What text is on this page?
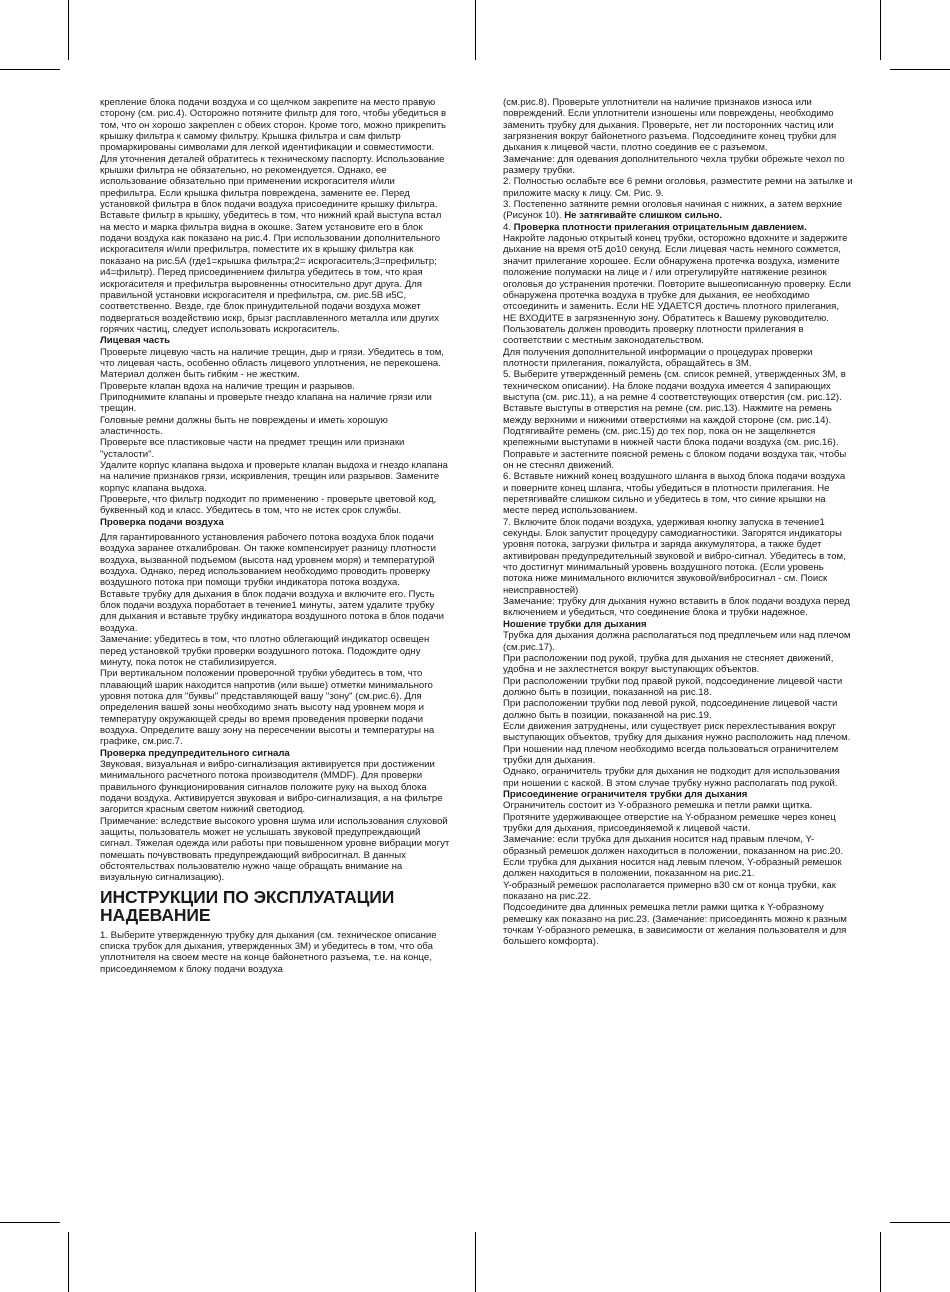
крепление блока подачи воздуха и со щелчком закрепите на место правую сторону (см. рис.4). Осторожно потяните фильтр для того, чтобы убедиться в том, что он хорошо закреплен с обеих сторон. Кроме того, можно прикрепить крышку фильтра к самому фильтру. Крышка фильтра и сам фильтр промаркированы символами для легкой идентификации и совместимости. Для уточнения деталей обратитесь к техническому паспорту. Использование крышки фильтра не обязательно, но рекомендуется. Однако, ее использование обязательно при применении искрогасителя и/или префильтра. Если крышка фильтра повреждена, замените ее. Перед установкой фильтра в блок подачи воздуха присоедините крышку фильтра. Вставьте фильтр в крышку, убедитесь в том, что нижний край выступа встал на место и марка фильтра видна в окошке. Затем установите его в блок подачи воздуха как показано на рис.4. При использовании дополнительного искрогасителя и/или префильтра, поместите их в крышку фильтра как показано на рис.5А (где1=крышка фильтра;2= искрогаситель;3=префильтр; и4=фильтр). Перед присоединением фильтра убедитесь в том, что края искрогасителя и префильтра выровненны относительно друг друга. Для правильной установки искрогасителя и префильтра, см. рис.5В и5С, соответственно. Везде, где блок принудительной подачи воздуха может подвергаться воздействию искр, брызг расплавленного металла или других горячих частиц, следует использовать искрогаситель.
Лицевая часть
Проверьте лицевую часть на наличие трещин, дыр и грязи. Убедитесь в том, что лицевая часть, особенно область лицевого уплотнения, не перекошена. Материал должен быть гибким - не жестким.
Проверьте клапан вдоха на наличие трещин и разрывов.
Приподнимите клапаны и проверьте гнездо клапана на наличие грязи или трещин.
Головные ремни должны быть не повреждены и иметь хорошую эластичность.
Проверьте все пластиковые части на предмет трещин или признаки "усталости".
Удалите корпус клапана выдоха и проверьте клапан выдоха и гнездо клапана на наличие признаков грязи, искривления, трещин или разрывов. Замените корпус клапана выдоха.
Проверьте, что фильтр подходит по применению - проверьте цветовой код, буквенный код и класс. Убедитесь в том, что не истек срок службы.
Проверка подачи воздуха
Для гарантированного установления рабочего потока воздуха блок подачи воздуха заранее откалиброван. Он также компенсирует разницу плотности воздуха, вызванной подъемом (высота над уровнем моря) и температурой воздуха. Однако, перед использованием необходимо проводить проверку воздушного потока при помощи трубки индикатора потока воздуха.
Вставьте трубку для дыхания в блок подачи воздуха и включите его. Пусть блок подачи воздуха поработает в течение1 минуты, затем удалите трубку для дыхания и вставьте трубку индикатора воздушного потока в блок подачи воздуха.
Замечание: убедитесь в том, что плотно облегающий индикатор освещен перед установкой трубки проверки воздушного потока. Подождите одну минуту, пока поток не стабилизируется.
При вертикальном положении проверочной трубки убедитесь в том, что плавающий шарик находится напротив (или выше) отметки минимального уровня потока для "буквы" представляющей вашу "зону" (см.рис.6). Для определения вашей зоны необходимо знать высоту над уровнем моря и температуру окружающей среды во время проведения проверки подачи воздуха. Определите вашу зону на пересечении высоты и температуры на графике, см.рис.7.
Проверка предупредительного сигнала
Звуковая, визуальная и вибро-сигнализация активируется при достижении минимального расчетного потока производителя (MMDF). Для проверки правильного функционирования сигналов положите руку на выход блока подачи воздуха. Активируется звуковая и вибро-сигнализация, а на фильтре загорится красным светом нижний светодиод.
Примечание: вследствие высокого уровня шума или использования слуховой защиты, пользователь может не услышать звуковой предупреждающий сигнал. Тяжелая одежда или работы при повышенном уровне вибрации могут помешать почувствовать предупреждающий вибросигнал. В данных обстоятельствах пользователю нужно чаще обращать внимание на визуальную сигнализацию).
ИНСТРУКЦИИ ПО ЭКСПЛУАТАЦИИ НАДЕВАНИЕ
1. Выберите утвержденную трубку для дыхания (см. техническое описание списка трубок для дыхания, утвержденных 3М) и убедитесь в том, что оба уплотнителя на своем месте на конце байонетного разъема, т.е. на конце, присоединяемом к блоку подачи воздуха
(см.рис.8). Проверьте уплотнители на наличие признаков износа или повреждений. Если уплотнители изношены или повреждены, необходимо заменить трубку для дыхания. Проверьте, нет ли посторонних частиц или загрязнения вокруг байонетного разъема. Подсоедините конец трубки для дыхания к лицевой части, плотно соединив ее с разъемом.
Замечание: для одевания дополнительного чехла трубки обрежьте чехол по размеру трубки.
2. Полностью ослабьте все 6 ремни оголовья, разместите ремни на затылке и приложите маску к лицу. См. Рис. 9.
3. Постепенно затяните ремни оголовья начиная с нижних, а затем верхние (Рисунок 10). Не затягивайте слишком сильно.
4. Проверка плотности прилегания отрицательным давлением.
Накройте ладонью открытый конец трубки, осторожно вдохните и задержите дыхание на время от5 до10 секунд. Если лицевая часть немного сожмется, значит прилегание хорошее. Если обнаружена протечка воздуха, измените положение полумаски на лице и / или отрегулируйте натяжение резинок оголовья до устранения протечки. Повторите вышеописанную проверку. Если обнаружена протечка воздуха в трубке для дыхания, ее необходимо отсоединить и заменить. Если НЕ УДАЕТСЯ достичь плотного прилегания, НЕ ВХОДИТЕ в загрязненную зону. Обратитесь к Вашему руководителю. Пользователь должен проводить проверку плотности прилегания в соответствии с местным законодательством.
Для получения дополнительной информации о процедурах проверки плотности прилегания, пожалуйста, обращайтесь в 3М.
5. Выберите утвержденный ремень (см. список ремней, утвержденных 3М, в техническом описании). На блоке подачи воздуха имеется 4 запирающих выступа (см. рис.11), а на ремне 4 соответствующих отверстия (см. рис.12). Вставьте выступы в отверстия на ремне (см. рис.13). Нажмите на ремень между верхними и нижними отверстиями на каждой стороне (см. рис.14). Подтягивайте ремень (см. рис.15) до тех пор, пока он не защелкнется крепежными выступами в нижней части блока подачи воздуха (см. рис.16). Поправьте и застегните поясной ремень с блоком подачи воздуха так, чтобы он не стеснял движений.
6. Вставьте нижний конец воздушного шланга в выход блока подачи воздуха и поверните конец шланга, чтобы убедиться в плотности прилегания. Не перетягивайте слишком сильно и убедитесь в том, что синие крышки на месте перед использованием.
7. Включите блок подачи воздуха, удерживая кнопку запуска в течение1 секунды. Блок запустит процедуру самодиагностики. Загорятся индикаторы уровня потока, загрузки фильтра и заряда аккумулятора, а также будет активирован предупредительный звуковой и вибро-сигнал. Убедитесь в том, что достигнут минимальный уровень воздушного потока. (Если уровень потока ниже минимального включится звуковой/вибросигнал - см. Поиск неисправностей)
Замечание: трубку для дыхания нужно вставить в блок подачи воздуха перед включением и убедиться, что соединение блока и трубки надежное.
Ношение трубки для дыхания
Трубка для дыхания должна располагаться под предплечьем или над плечом (см.рис.17).
При расположении под рукой, трубка для дыхания не стесняет движений, удобна и не захлестнется вокруг выступающих объектов.
При расположении трубки под правой рукой, подсоединение лицевой части должно быть в позиции, показанной на рис.18.
При расположении трубки под левой рукой, подсоединение лицевой части должно быть в позиции, показанной на рис.19.
Если движения затруднены, или существует риск перехлестывания вокруг выступающих объектов, трубку для дыхания нужно расположить над плечом.
При ношении над плечом необходимо всегда пользоваться ограничителем трубки для дыхания.
Однако, ограничитель трубки для дыхания не подходит для использования при ношении с каской. В этом случае трубку нужно располагать под рукой.
Присоединение ограничителя трубки для дыхания
Ограничитель состоит из Y-образного ремешка и петли рамки щитка. Протяните удерживающее отверстие на Y-образном ремешке через конец трубки для дыхания, присоединяемой к лицевой части.
Замечание: если трубка для дыхания носится над правым плечом, Y-образный ремешок должен находиться в положении, показанном на рис.20. Если трубка для дыхания носится над левым плечом, Y-образный ремешок должен находиться в положении, показанном на рис.21.
Y-образный ремешок располагается примерно в30 см от конца трубки, как показано на рис.22.
Подсоедините два длинных ремешка петли рамки щитка к Y-образному ремешку как показано на рис.23. (Замечание: присоединять можно к разным точкам Y-образного ремешка, в зависимости от желания пользователя и для большего комфорта).
